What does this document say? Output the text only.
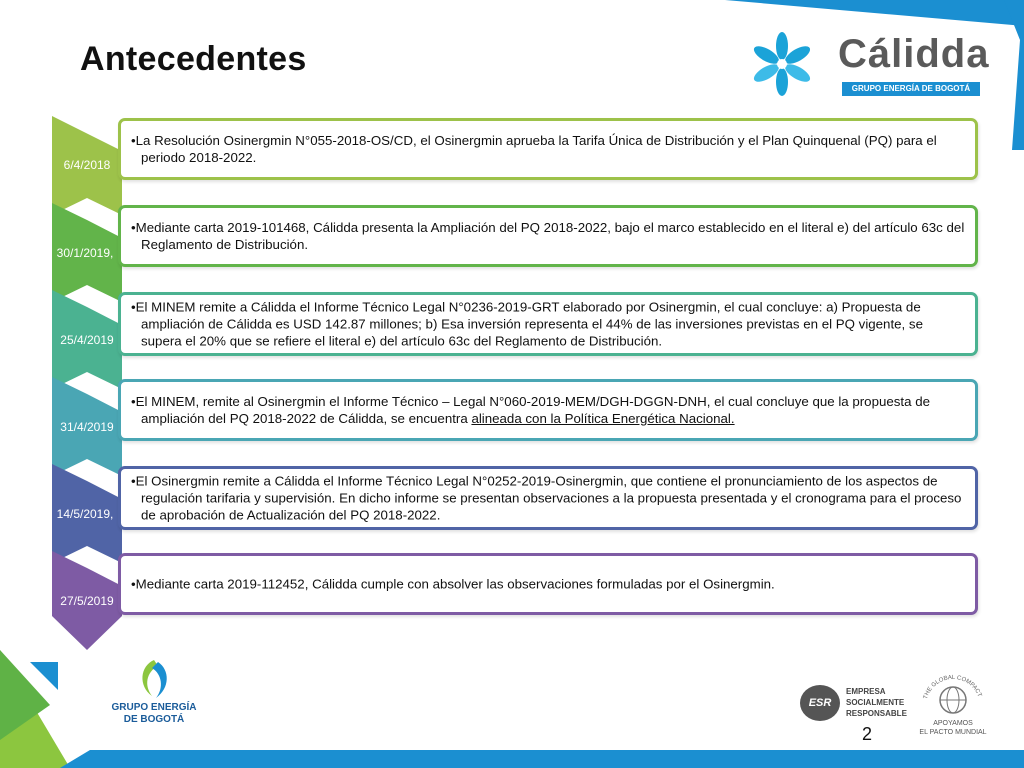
Antecedentes	Cálidda
GRUPO ENERGÍA DE BOGOTÁ
6/4/2018
30/1/2019,
25/4/2019
31/4/2019
14/5/2019,
27/5/2019
•La Resolución Osinergmin N°055-2018-OS/CD, el Osinergmin aprueba la Tarifa Única de Distribución y el Plan Quinquenal (PQ) para el periodo 2018-2022.
•Mediante carta 2019-101468, Cálidda presenta la Ampliación del PQ 2018-2022, bajo el marco establecido en el literal e) del artículo 63c del Reglamento de Distribución.
•El MINEM remite a Cálidda el Informe Técnico Legal N°0236-2019-GRT elaborado por Osinergmin, el cual concluye: a) Propuesta de ampliación de Cálidda es USD 142.87 millones; b) Esa inversión representa el 44% de las inversiones previstas en el PQ vigente, se supera el 20% que se refiere el literal e) del artículo 63c del Reglamento de Distribución.
•El MINEM, remite al Osinergmin el Informe Técnico – Legal N°060-2019-MEM/DGH-DGGN-DNH, el cual concluye que la propuesta de ampliación del PQ 2018-2022 de Cálidda, se encuentra alineada con la Política Energética Nacional.
•El Osinergmin remite a Cálidda el Informe Técnico Legal N°0252-2019-Osinergmin, que contiene el pronunciamiento de los aspectos de regulación tarifaria y supervisión. En dicho informe se presentan observaciones a la propuesta presentada y el cronograma para el proceso de aprobación de Actualización del PQ 2018-2022.
•Mediante carta 2019-112452, Cálidda cumple con absolver las observaciones formuladas por el Osinergmin.
GRUPO ENERGÍA
DE BOGOTÁ
ESR
EMPRESA
SOCIALMENTE
RESPONSABLE
THE GLOBAL COMPACT
APOYAMOS
EL PACTO MUNDIAL
2
